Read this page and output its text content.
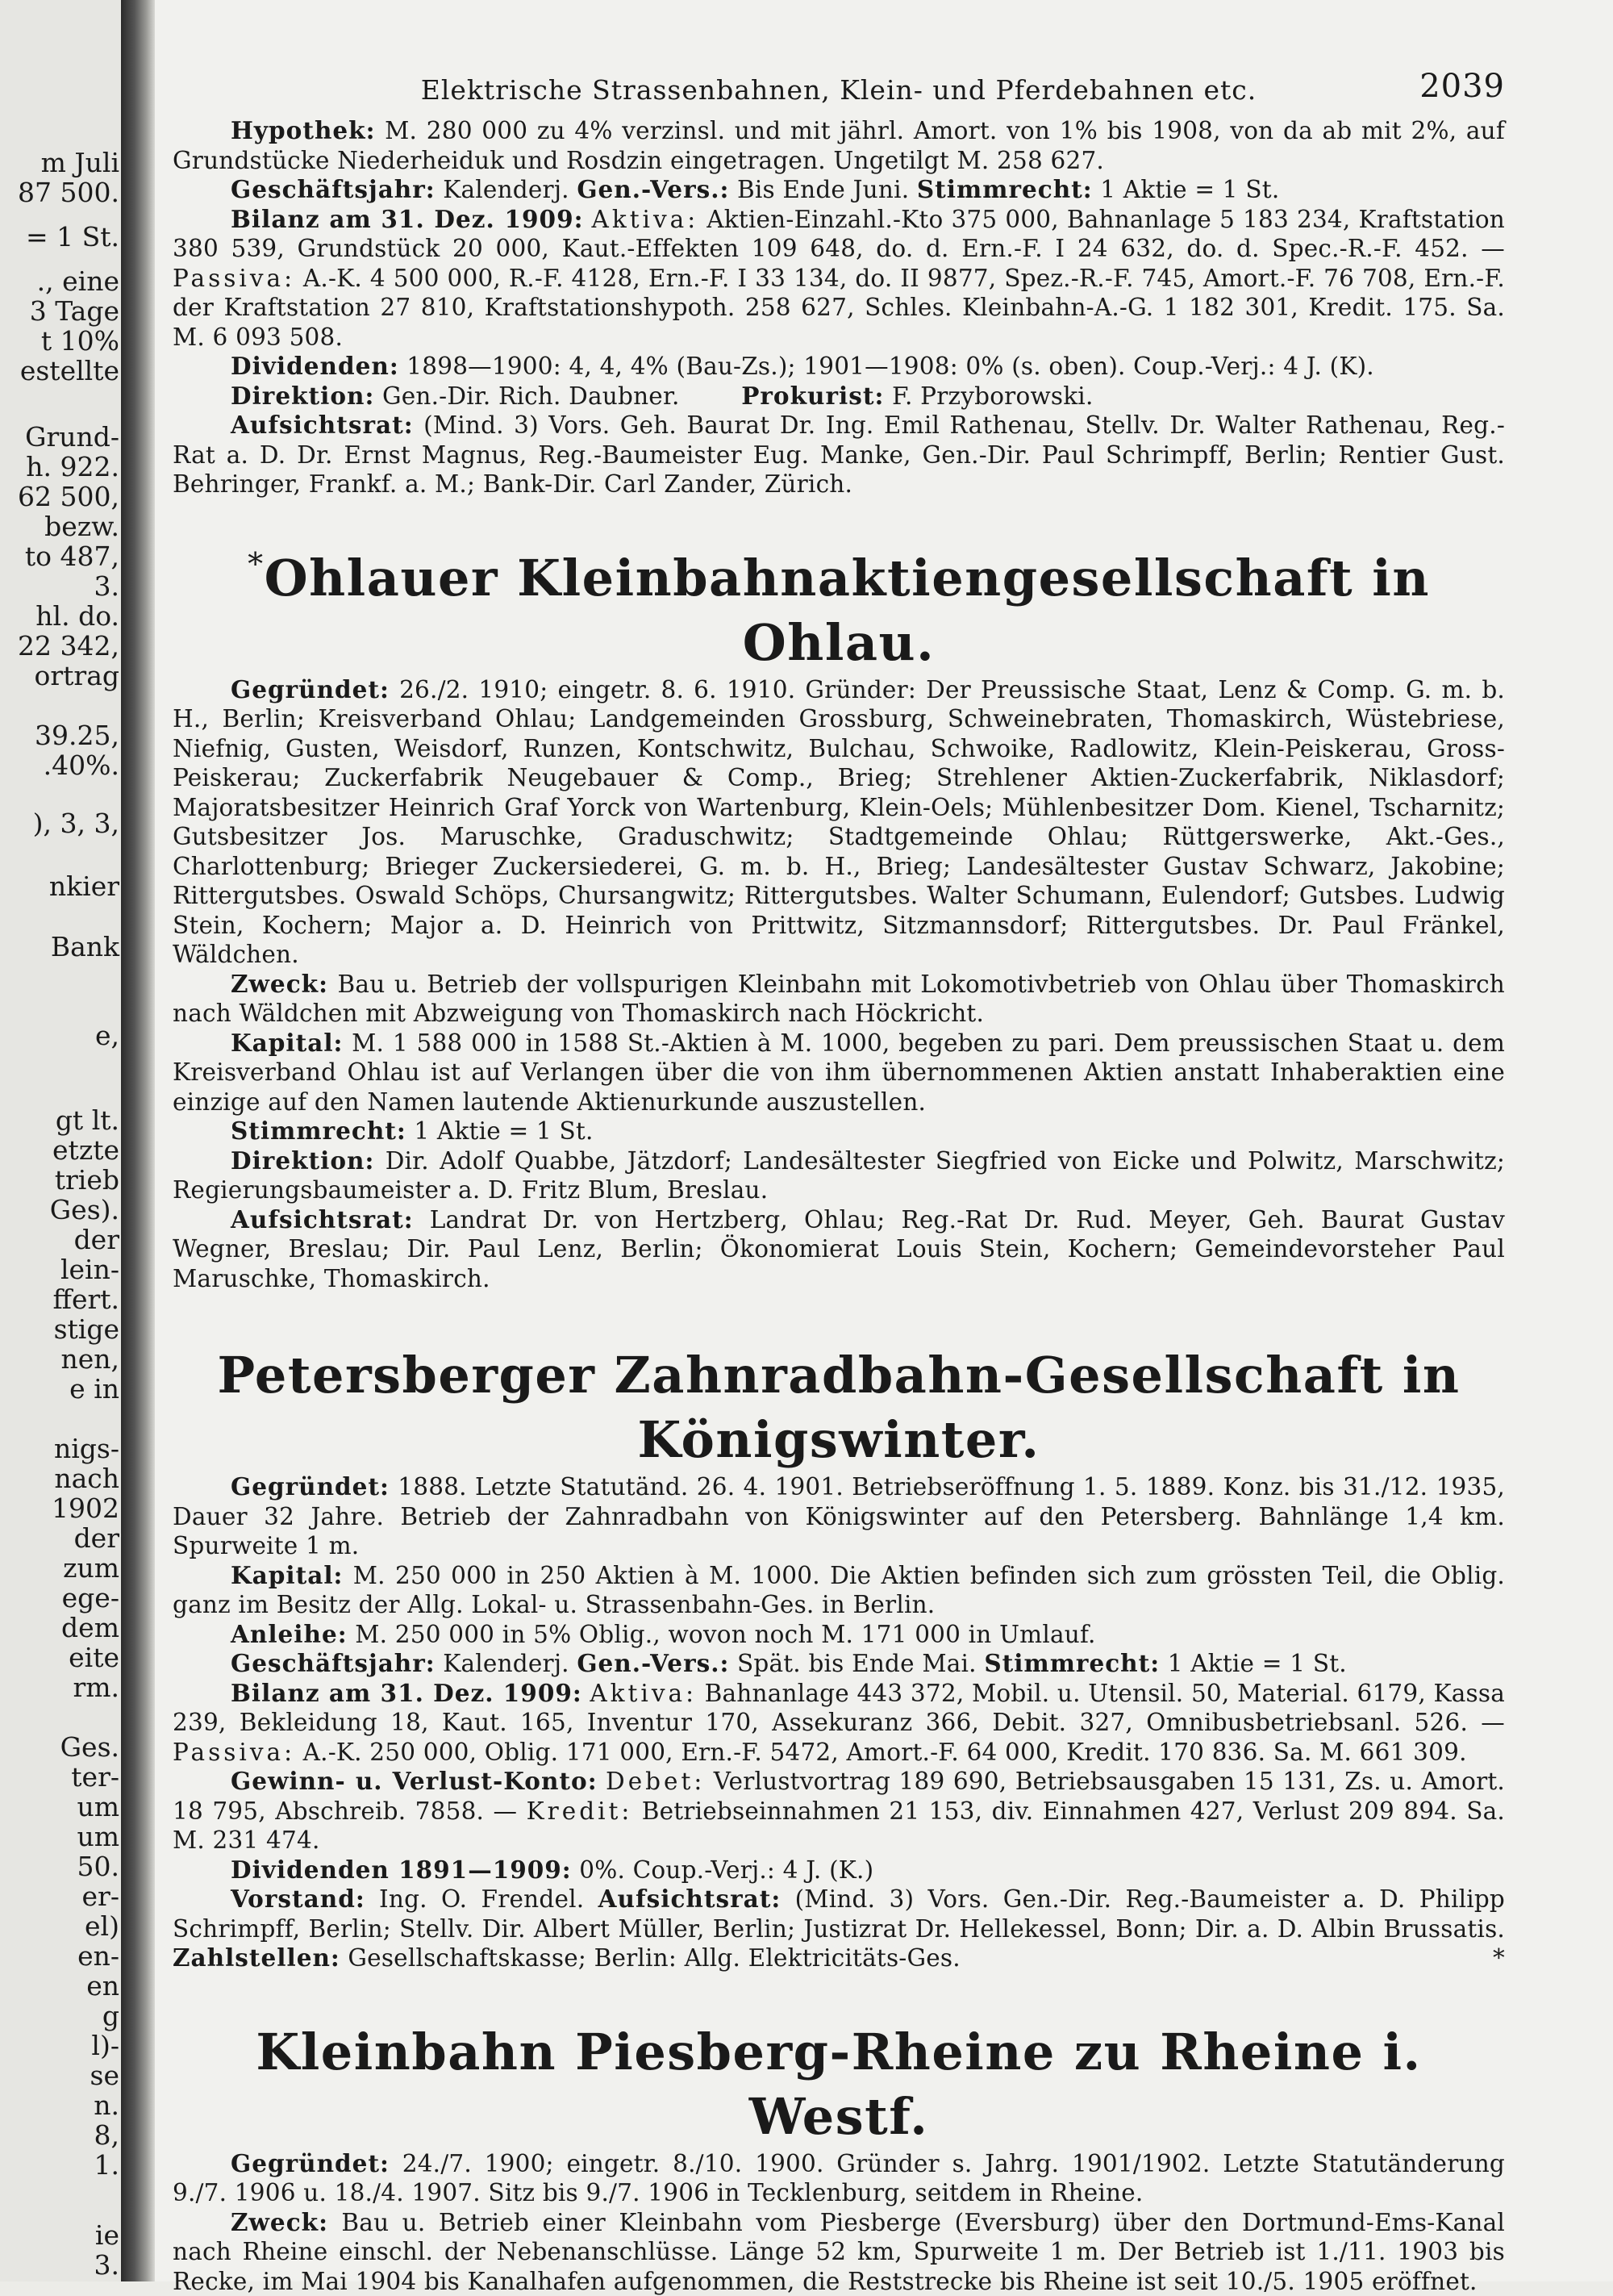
m Juli
87 500.
= 1 St.
., eine
3 Tage
t 10%
estellte
Grund-
h. 922.
62 500,
bezw.
to 487,
3.
hl. do.
22 342,
ortrag
39.25,
.40%.
), 3, 3,
nkier
Bank
e,
gt lt.
etzte
trieb
Ges).
der
lein-
ffert.
stige
nen,
e in
nigs-
nach
1902
der
zum
ege-
dem
eite
rm.
Ges.
ter-
um
um
50.
er-
el)
en-
en
g
l)-
se
n.
8,
1.
ie
3.
Elektrische Strassenbahnen, Klein- und Pferdebahnen etc.	2039

Hypothek: M. 280 000 zu 4% verzinsl. und mit jährl. Amort. von 1% bis 1908, von da ab mit 2%, auf Grundstücke Niederheiduk und Rosdzin eingetragen. Ungetilgt M. 258 627.

Geschäftsjahr: Kalenderj. Gen.-Vers.: Bis Ende Juni. Stimmrecht: 1 Aktie = 1 St.

Bilanz am 31. Dez. 1909: Aktiva: Aktien-Einzahl.-Kto 375 000, Bahnanlage 5 183 234, Kraftstation 380 539, Grundstück 20 000, Kaut.-Effekten 109 648, do. d. Ern.-F. I 24 632, do. d. Spec.-R.-F. 452. — Passiva: A.-K. 4 500 000, R.-F. 4128, Ern.-F. I 33 134, do. II 9877, Spez.-R.-F. 745, Amort.-F. 76 708, Ern.-F. der Kraftstation 27 810, Kraftstationshypoth. 258 627, Schles. Kleinbahn-A.-G. 1 182 301, Kredit. 175. Sa. M. 6 093 508.

Dividenden: 1898—1900: 4, 4, 4% (Bau-Zs.); 1901—1908: 0% (s. oben). Coup.-Verj.: 4 J. (K).

Direktion: Gen.-Dir. Rich. Daubner.	Prokurist: F. Przyborowski.

Aufsichtsrat: (Mind. 3) Vors. Geh. Baurat Dr. Ing. Emil Rathenau, Stellv. Dr. Walter Rathenau, Reg.-Rat a. D. Dr. Ernst Magnus, Reg.-Baumeister Eug. Manke, Gen.-Dir. Paul Schrimpff, Berlin; Rentier Gust. Behringer, Frankf. a. M.; Bank-Dir. Carl Zander, Zürich.

*Ohlauer Kleinbahnaktiengesellschaft in Ohlau.

Gegründet: 26./2. 1910; eingetr. 8. 6. 1910. Gründer: Der Preussische Staat, Lenz & Comp. G. m. b. H., Berlin; Kreisverband Ohlau; Landgemeinden Grossburg, Schweinebraten, Thomaskirch, Wüstebriese, Niefnig, Gusten, Weisdorf, Runzen, Kontschwitz, Bulchau, Schwoike, Radlowitz, Klein-Peiskerau, Gross-Peiskerau; Zuckerfabrik Neugebauer & Comp., Brieg; Strehlener Aktien-Zuckerfabrik, Niklasdorf; Majoratsbesitzer Heinrich Graf Yorck von Wartenburg, Klein-Oels; Mühlenbesitzer Dom. Kienel, Tscharnitz; Gutsbesitzer Jos. Maruschke, Graduschwitz; Stadtgemeinde Ohlau; Rüttgerswerke, Akt.-Ges., Charlottenburg; Brieger Zuckersiederei, G. m. b. H., Brieg; Landesältester Gustav Schwarz, Jakobine; Rittergutsbes. Oswald Schöps, Chursangwitz; Rittergutsbes. Walter Schumann, Eulendorf; Gutsbes. Ludwig Stein, Kochern; Major a. D. Heinrich von Prittwitz, Sitzmannsdorf; Rittergutsbes. Dr. Paul Fränkel, Wäldchen.

Zweck: Bau u. Betrieb der vollspurigen Kleinbahn mit Lokomotivbetrieb von Ohlau über Thomaskirch nach Wäldchen mit Abzweigung von Thomaskirch nach Höckricht.

Kapital: M. 1 588 000 in 1588 St.-Aktien à M. 1000, begeben zu pari. Dem preussischen Staat u. dem Kreisverband Ohlau ist auf Verlangen über die von ihm übernommenen Aktien anstatt Inhaberaktien eine einzige auf den Namen lautende Aktienurkunde auszustellen.

Stimmrecht: 1 Aktie = 1 St.

Direktion: Dir. Adolf Quabbe, Jätzdorf; Landesältester Siegfried von Eicke und Polwitz, Marschwitz; Regierungsbaumeister a. D. Fritz Blum, Breslau.

Aufsichtsrat: Landrat Dr. von Hertzberg, Ohlau; Reg.-Rat Dr. Rud. Meyer, Geh. Baurat Gustav Wegner, Breslau; Dir. Paul Lenz, Berlin; Ökonomierat Louis Stein, Kochern; Gemeindevorsteher Paul Maruschke, Thomaskirch.

Petersberger Zahnradbahn-Gesellschaft in Königswinter.

Gegründet: 1888. Letzte Statutänd. 26. 4. 1901. Betriebseröffnung 1. 5. 1889. Konz. bis 31./12. 1935, Dauer 32 Jahre. Betrieb der Zahnradbahn von Königswinter auf den Petersberg. Bahnlänge 1,4 km. Spurweite 1 m.

Kapital: M. 250 000 in 250 Aktien à M. 1000. Die Aktien befinden sich zum grössten Teil, die Oblig. ganz im Besitz der Allg. Lokal- u. Strassenbahn-Ges. in Berlin.

Anleihe: M. 250 000 in 5% Oblig., wovon noch M. 171 000 in Umlauf.

Geschäftsjahr: Kalenderj. Gen.-Vers.: Spät. bis Ende Mai. Stimmrecht: 1 Aktie = 1 St.

Bilanz am 31. Dez. 1909: Aktiva: Bahnanlage 443 372, Mobil. u. Utensil. 50, Material. 6179, Kassa 239, Bekleidung 18, Kaut. 165, Inventur 170, Assekuranz 366, Debit. 327, Omnibusbetriebsanl. 526. — Passiva: A.-K. 250 000, Oblig. 171 000, Ern.-F. 5472, Amort.-F. 64 000, Kredit. 170 836. Sa. M. 661 309.

Gewinn- u. Verlust-Konto: Debet: Verlustvortrag 189 690, Betriebsausgaben 15 131, Zs. u. Amort. 18 795, Abschreib. 7858. — Kredit: Betriebseinnahmen 21 153, div. Einnahmen 427, Verlust 209 894. Sa. M. 231 474.

Dividenden 1891—1909: 0%. Coup.-Verj.: 4 J. (K.)

Vorstand: Ing. O. Frendel. Aufsichtsrat: (Mind. 3) Vors. Gen.-Dir. Reg.-Baumeister a. D. Philipp Schrimpff, Berlin; Stellv. Dir. Albert Müller, Berlin; Justizrat Dr. Hellekessel, Bonn; Dir. a. D. Albin Brussatis. Zahlstellen: Gesellschaftskasse; Berlin: Allg. Elektricitäts-Ges.	*

Kleinbahn Piesberg-Rheine zu Rheine i. Westf.

Gegründet: 24./7. 1900; eingetr. 8./10. 1900. Gründer s. Jahrg. 1901/1902. Letzte Statutänderung 9./7. 1906 u. 18./4. 1907. Sitz bis 9./7. 1906 in Tecklenburg, seitdem in Rheine.

Zweck: Bau u. Betrieb einer Kleinbahn vom Piesberge (Eversburg) über den Dortmund-Ems-Kanal nach Rheine einschl. der Nebenanschlüsse. Länge 52 km, Spurweite 1 m. Der Betrieb ist 1./11. 1903 bis Recke, im Mai 1904 bis Kanalhafen aufgenommen, die Reststrecke bis Rheine ist seit 10./5. 1905 eröffnet.
